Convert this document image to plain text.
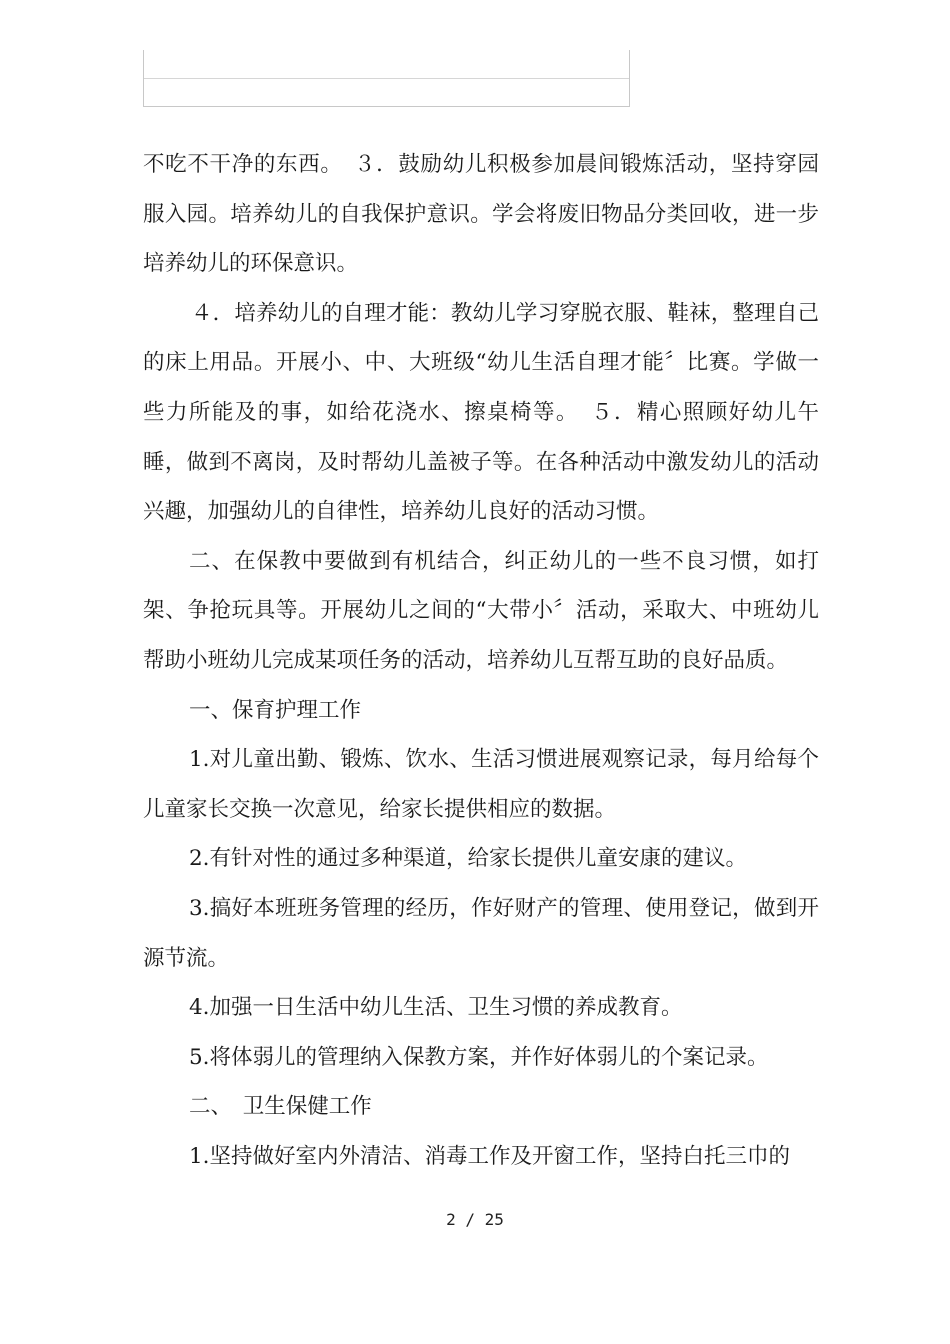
不吃不干净的东西。　３．鼓励幼儿积极参加晨间锻炼活动，坚持穿园服入园。培养幼儿的自我保护意识。学会将废旧物品分类回收，进一步培养幼儿的环保意识。

４．培养幼儿的自理才能：教幼儿学习穿脱衣服、鞋袜，整理自己的床上用品。开展小、中、大班级“幼儿生活自理才能〞比赛。学做一些力所能及的事，如给花浇水、擦桌椅等。　５．精心照顾好幼儿午睡，做到不离岗，及时帮幼儿盖被子等。在各种活动中激发幼儿的活动兴趣，加强幼儿的自律性，培养幼儿良好的活动习惯。

二、在保教中要做到有机结合，纠正幼儿的一些不良习惯，如打架、争抢玩具等。开展幼儿之间的“大带小〞活动，采取大、中班幼儿帮助小班幼儿完成某项任务的活动，培养幼儿互帮互助的良好品质。

一、保育护理工作

1.对儿童出勤、锻炼、饮水、生活习惯进展观察记录，每月给每个儿童家长交换一次意见，给家长提供相应的数据。

2.有针对性的通过多种渠道，给家长提供儿童安康的建议。

3.搞好本班班务管理的经历，作好财产的管理、使用登记，做到开源节流。

4.加强一日生活中幼儿生活、卫生习惯的养成教育。

5.将体弱儿的管理纳入保教方案，并作好体弱儿的个案记录。

二、　卫生保健工作

1.坚持做好室内外清洁、消毒工作及开窗工作，坚持白托三巾的

2 / 25
